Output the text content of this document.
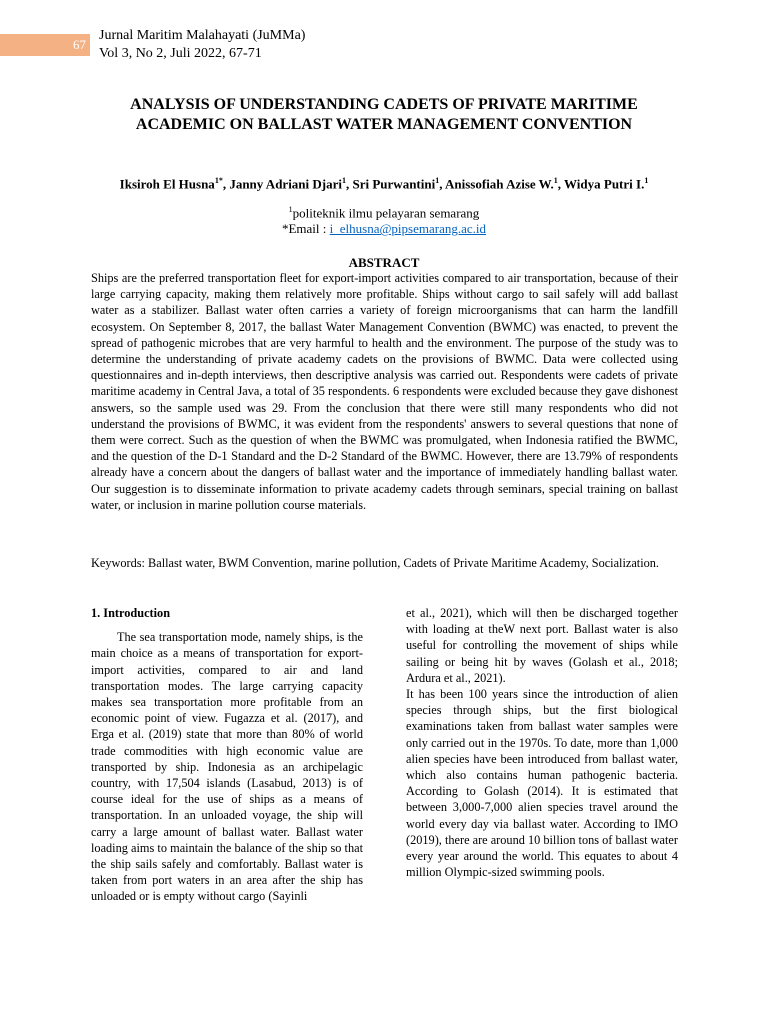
67
Jurnal Maritim Malahayati (JuMMa)
Vol 3, No 2, Juli 2022, 67-71
ANALYSIS OF UNDERSTANDING CADETS OF PRIVATE MARITIME
ACADEMIC ON BALLAST WATER MANAGEMENT CONVENTION
Iksiroh El Husna$^{1*}$, Janny Adriani Djari$^1$, Sri Purwantini$^1$, Anissofiah Azise W.$^1$, Widya Putri I.$^1$
$^1$politeknik ilmu pelayaran semarang
*Email : i_elhusna@pipsemarang.ac.id
ABSTRACT

Ships are the preferred transportation fleet for export-import activities compared to air transportation, because of their large carrying capacity, making them relatively more profitable. Ships without cargo to sail safely will add ballast water as a stabilizer. Ballast water often carries a variety of foreign microorganisms that can harm the landfill ecosystem. On September 8, 2017, the ballast Water Management Convention (BWMC) was enacted, to prevent the spread of pathogenic microbes that are very harmful to health and the environment. The purpose of the study was to determine the understanding of private academy cadets on the provisions of BWMC. Data were collected using questionnaires and in-depth interviews, then descriptive analysis was carried out. Respondents were cadets of private maritime academy in Central Java, a total of 35 respondents. 6 respondents were excluded because they gave dishonest answers, so the sample used was 29. From the conclusion that there were still many respondents who did not understand the provisions of BWMC, it was evident from the respondents' answers to several questions that none of them were correct. Such as the question of when the BWMC was promulgated, when Indonesia ratified the BWMC, and the question of the D-1 Standard and the D-2 Standard of the BWMC. However, there are 13.79% of respondents already have a concern about the dangers of ballast water and the importance of immediately handling ballast water. Our suggestion is to disseminate information to private academy cadets through seminars, special training on ballast water, or inclusion in marine pollution course materials.

Keywords: Ballast water, BWM Convention, marine pollution, Cadets of Private Maritime Academy, Socialization.

1. Introduction

The sea transportation mode, namely ships, is the main choice as a means of transportation for export-import activities, compared to air and land transportation modes. The large carrying capacity makes sea transportation more profitable from an economic point of view. Fugazza et al. (2017), and Erga et al. (2019) state that more than 80% of world trade commodities with high economic value are transported by ship. Indonesia as an archipelagic country, with 17,504 islands (Lasabud, 2013) is of course ideal for the use of ships as a means of transportation. In an unloaded voyage, the ship will carry a large amount of ballast water. Ballast water loading aims to maintain the balance of the ship so that the ship sails safely and comfortably. Ballast water is taken from port waters in an area after the ship has unloaded or is empty without cargo (Sayinli

et al., 2021), which will then be discharged together with loading at theW next port. Ballast water is also useful for controlling the movement of ships while sailing or being hit by waves (Golash et al., 2018; Ardura et al., 2021).

It has been 100 years since the introduction of alien species through ships, but the first biological examinations taken from ballast water samples were only carried out in the 1970s. To date, more than 1,000 alien species have been introduced from ballast water, which also contains human pathogenic bacteria. According to Golash (2014). It is estimated that between 3,000-7,000 alien species travel around the world every day via ballast water. According to IMO (2019), there are around 10 billion tons of ballast water every year around the world. This equates to about 4 million Olympic-sized swimming pools.
